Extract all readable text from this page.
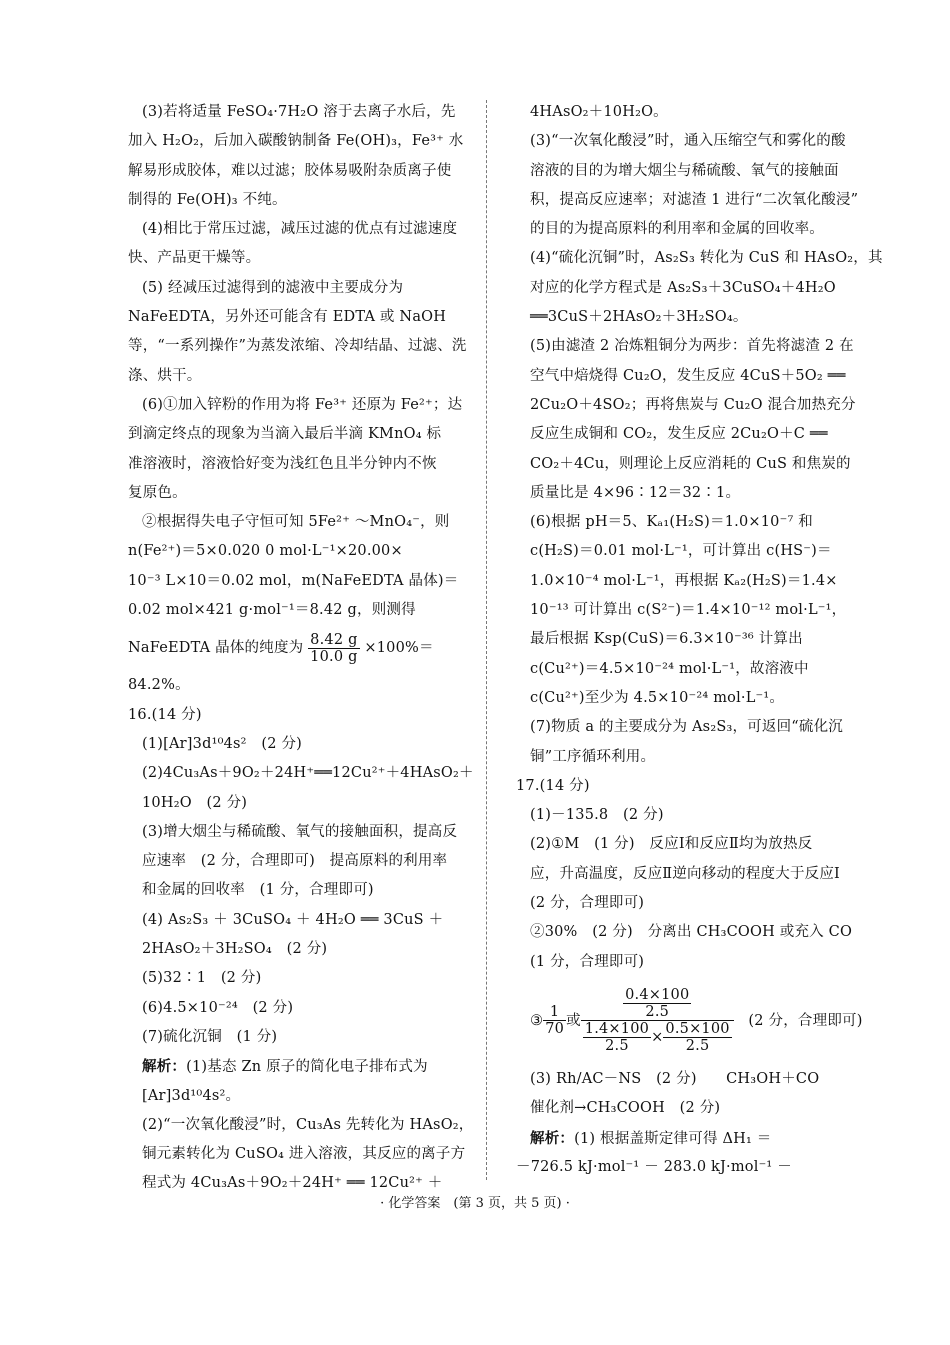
(3)若将适量 FeSO₄·7H₂O 溶于去离子水后，先
加入 H₂O₂，后加入碳酸钠制备 Fe(OH)₃，Fe³⁺ 水
解易形成胶体，难以过滤；胶体易吸附杂质离子使
制得的 Fe(OH)₃ 不纯。
(4)相比于常压过滤，减压过滤的优点有过滤速度
快、产品更干燥等。
(5) 经减压过滤得到的滤液中主要成分为
NaFeEDTA，另外还可能含有 EDTA 或 NaOH
等，“一系列操作”为蒸发浓缩、冷却结晶、过滤、洗
涤、烘干。
(6)①加入锌粉的作用为将 Fe³⁺ 还原为 Fe²⁺；达
到滴定终点的现象为当滴入最后半滴 KMnO₄ 标
准溶液时，溶液恰好变为浅红色且半分钟内不恢
复原色。
②根据得失电子守恒可知 5Fe²⁺ ～MnO₄⁻，则
n(Fe²⁺)＝5×0.020 0 mol·L⁻¹×20.00×
10⁻³ L×10＝0.02 mol，m(NaFeEDTA 晶体)＝
0.02 mol×421 g·mol⁻¹＝8.42 g，则测得
NaFeEDTA 晶体的纯度为 $\frac{8.42 g}{10.0 g} \times 100\%=$
84.2%。
16.(14 分)
(1)[Ar]3d¹⁰4s²　(2 分)
(2)4Cu₃As＋9O₂＋24H⁺══12Cu²⁺＋4HAsO₂＋
10H₂O　(2 分)
(3)增大烟尘与稀硫酸、氧气的接触面积，提高反
应速率　(2 分，合理即可)　提高原料的利用率
和金属的回收率　(1 分，合理即可)
(4) As₂S₃ ＋ 3CuSO₄ ＋ 4H₂O ══ 3CuS ＋
2HAsO₂＋3H₂SO₄　(2 分)
(5)32∶1　(2 分)
(6)4.5×10⁻²⁴　(2 分)
(7)硫化沉铜　(1 分)
解析：(1)基态 Zn 原子的简化电子排布式为
[Ar]3d¹⁰4s²。
(2)“一次氧化酸浸”时，Cu₃As 先转化为 HAsO₂，
铜元素转化为 CuSO₄ 进入溶液，其反应的离子方
程式为 4Cu₃As＋9O₂＋24H⁺ ══ 12Cu²⁺ ＋
4HAsO₂＋10H₂O。
(3)“一次氧化酸浸”时，通入压缩空气和雾化的酸
溶液的目的为增大烟尘与稀硫酸、氧气的接触面
积，提高反应速率；对滤渣 1 进行“二次氧化酸浸”
的目的为提高原料的利用率和金属的回收率。
(4)“硫化沉铜”时，As₂S₃ 转化为 CuS 和 HAsO₂，其
对应的化学方程式是 As₂S₃＋3CuSO₄＋4H₂O
══3CuS＋2HAsO₂＋3H₂SO₄。
(5)由滤渣 2 冶炼粗铜分为两步：首先将滤渣 2 在
空气中焙烧得 Cu₂O，发生反应 4CuS＋5O₂ ══
2Cu₂O＋4SO₂；再将焦炭与 Cu₂O 混合加热充分
反应生成铜和 CO₂，发生反应 2Cu₂O＋C ══
CO₂＋4Cu，则理论上反应消耗的 CuS 和焦炭的
质量比是 4×96∶12＝32∶1。
(6)根据 pH＝5、Kₐ₁(H₂S)＝1.0×10⁻⁷ 和
c(H₂S)＝0.01 mol·L⁻¹，可计算出 c(HS⁻)＝
1.0×10⁻⁴ mol·L⁻¹，再根据 Kₐ₂(H₂S)＝1.4×
10⁻¹³ 可计算出 c(S²⁻)＝1.4×10⁻¹² mol·L⁻¹，
最后根据 Ksp(CuS)＝6.3×10⁻³⁶ 计算出
c(Cu²⁺)＝4.5×10⁻²⁴ mol·L⁻¹，故溶液中
c(Cu²⁺)至少为 4.5×10⁻²⁴ mol·L⁻¹。
(7)物质 a 的主要成分为 As₂S₃，可返回“硫化沉
铜”工序循环利用。
17.(14 分)
(1)－135.8　(2 分)
(2)①M　(1 分)　反应Ⅰ和反应Ⅱ均为放热反
应，升高温度，反应Ⅱ逆向移动的程度大于反应Ⅰ
(2 分，合理即可)
②30%　(2 分)　分离出 CH₃COOH 或充入 CO
(1 分，合理即可)
③ $\frac{1}{70}$ 或 $\frac{\frac{0.4\times 100}{2.5}}{\frac{1.4\times 100}{2.5} \times \frac{0.5\times 100}{2.5}}$
　 (2 分，合理即可)
(3) Rh/AC－NS　(2 分)　　CH₃OH＋CO
催化剂→CH₃COOH　(2 分)
解析：(1) 根据盖斯定律可得 ΔH₁ ＝
－726.5 kJ·mol⁻¹ － 283.0 kJ·mol⁻¹ －
· 化学答案　(第 3 页，共 5 页) ·
